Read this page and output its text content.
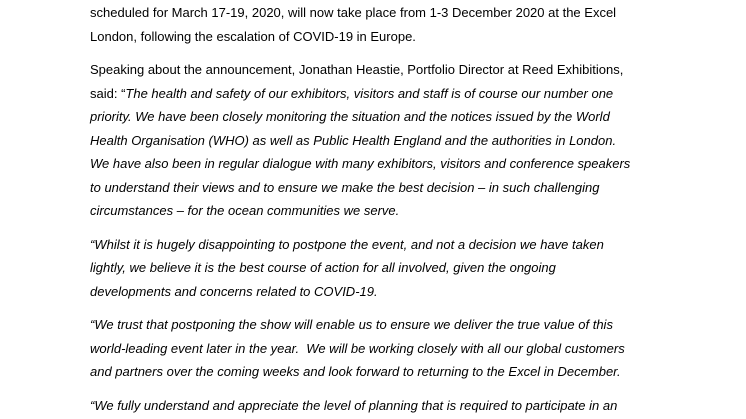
scheduled for March 17-19, 2020, will now take place from 1-3 December 2020 at the Excel
London, following the escalation of COVID-19 in Europe.

Speaking about the announcement, Jonathan Heastie, Portfolio Director at Reed Exhibitions,
said: “The health and safety of our exhibitors, visitors and staff is of course our number one
priority. We have been closely monitoring the situation and the notices issued by the World
Health Organisation (WHO) as well as Public Health England and the authorities in London.
We have also been in regular dialogue with many exhibitors, visitors and conference speakers
to understand their views and to ensure we make the best decision – in such challenging
circumstances – for the ocean communities we serve.

“Whilst it is hugely disappointing to postpone the event, and not a decision we have taken
lightly, we believe it is the best course of action for all involved, given the ongoing
developments and concerns related to COVID-19.

“We trust that postponing the show will enable us to ensure we deliver the true value of this
world-leading event later in the year.  We will be working closely with all our global customers
and partners over the coming weeks and look forward to returning to the Excel in December.

“We fully understand and appreciate the level of planning that is required to participate in an
